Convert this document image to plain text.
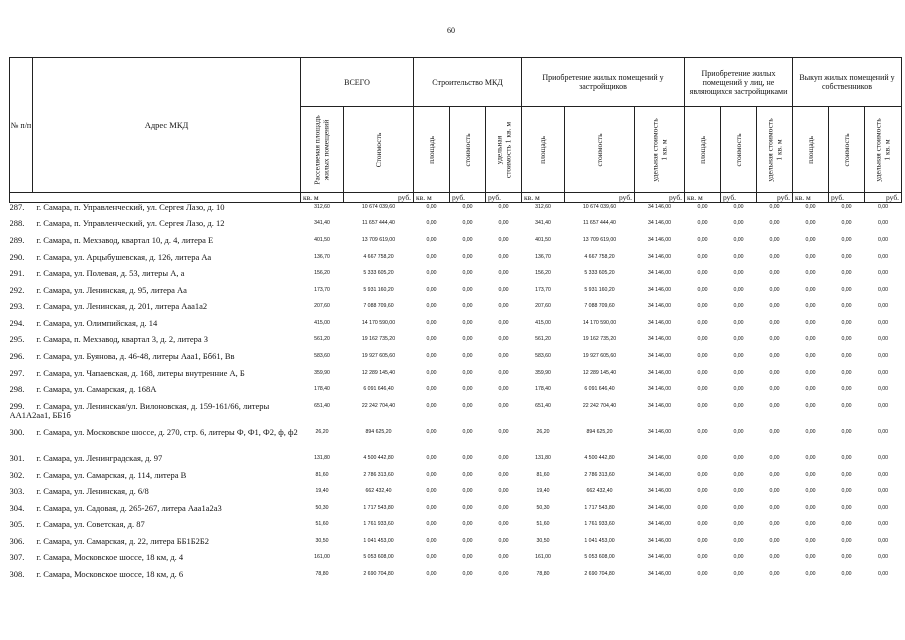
60
№ п/п	Адрес МКД	ВСЕГО		Строительство МКД			Приобретение жилых помещений у застройщиков			Приобретение жилых помещений у лиц, не являющихся застройщиками			Выкуп жилых помещений у собственников		

		Расселяемая площадь жилых помещений	Стоимость	площадь	стоимость	удельная стоимость 1 кв. м	площадь	стоимость	удельная стоимость 1 кв. м	площадь	стоимость	удельная стоимость 1 кв. м	площадь	стоимость	удельная стоимость 1 кв. м

		кв. м	руб.	кв. м	руб.	руб.	кв. м	руб.	руб.	кв. м	руб.	руб.	кв. м	руб.	руб.
287. г. Самара, п. Управленческий, ул. Сергея Лазо, д. 10		312,60	10 674 039,60	0,00	0,00	0,00	312,60	10 674 039,60	34 146,00	0,00	0,00	0,00	0,00	0,00	0,00
288. г. Самара, п. Управленческий, ул. Сергея Лазо, д. 12		341,40	11 657 444,40	0,00	0,00	0,00	341,40	11 657 444,40	34 146,00	0,00	0,00	0,00	0,00	0,00	0,00
289. г. Самара, п. Мехзавод, квартал 10, д. 4, литера Е		401,50	13 709 619,00	0,00	0,00	0,00	401,50	13 709 619,00	34 146,00	0,00	0,00	0,00	0,00	0,00	0,00
290. г. Самара, ул. Арцыбушевская, д. 126, литера Аа		136,70	4 667 758,20	0,00	0,00	0,00	136,70	4 667 758,20	34 146,00	0,00	0,00	0,00	0,00	0,00	0,00
291. г. Самара, ул. Полевая, д. 53, литеры А, а		156,20	5 333 605,20	0,00	0,00	0,00	156,20	5 333 605,20	34 146,00	0,00	0,00	0,00	0,00	0,00	0,00
292. г. Самара, ул. Ленинская, д. 95, литера Аа		173,70	5 931 160,20	0,00	0,00	0,00	173,70	5 931 160,20	34 146,00	0,00	0,00	0,00	0,00	0,00	0,00
293. г. Самара, ул. Ленинская, д. 201, литера Ааа1а2		207,60	7 088 709,60	0,00	0,00	0,00	207,60	7 088 709,60	34 146,00	0,00	0,00	0,00	0,00	0,00	0,00
294. г. Самара, ул. Олимпийская, д. 14		415,00	14 170 590,00	0,00	0,00	0,00	415,00	14 170 590,00	34 146,00	0,00	0,00	0,00	0,00	0,00	0,00
295. г. Самара, п. Мехзавод, квартал 3, д. 2, литера З		561,20	19 162 735,20	0,00	0,00	0,00	561,20	19 162 735,20	34 146,00	0,00	0,00	0,00	0,00	0,00	0,00
296. г. Самара, ул. Буянова, д. 46-48, литеры Ааа1, Бб61, Вв		583,60	19 927 605,60	0,00	0,00	0,00	583,60	19 927 605,60	34 146,00	0,00	0,00	0,00	0,00	0,00	0,00
297. г. Самара, ул. Чапаевская, д. 168, литеры внутренние А, Б		359,90	12 289 145,40	0,00	0,00	0,00	359,90	12 289 145,40	34 146,00	0,00	0,00	0,00	0,00	0,00	0,00
298. г. Самара, ул. Самарская, д. 168А		178,40	6 091 646,40	0,00	0,00	0,00	178,40	6 091 646,40	34 146,00	0,00	0,00	0,00	0,00	0,00	0,00
299. г. Самара, ул. Ленинская/ул. Вилоновская, д. 159-161/66, литеры АА1А2аа1, ББ1б		651,40	22 242 704,40	0,00	0,00	0,00	651,40	22 242 704,40	34 146,00	0,00	0,00	0,00	0,00	0,00	0,00
300. г. Самара, ул. Московское шоссе, д. 270, стр. 6, литеры Ф, Ф1, Ф2, ф, ф2		26,20	894 625,20	0,00	0,00	0,00	26,20	894 625,20	34 146,00	0,00	0,00	0,00	0,00	0,00	0,00
301. г. Самара, ул. Ленинградская, д. 97		131,80	4 500 442,80	0,00	0,00	0,00	131,80	4 500 442,80	34 146,00	0,00	0,00	0,00	0,00	0,00	0,00
302. г. Самара, ул. Самарская, д. 114, литера В		81,60	2 786 313,60	0,00	0,00	0,00	81,60	2 786 313,60	34 146,00	0,00	0,00	0,00	0,00	0,00	0,00
303. г. Самара, ул. Ленинская, д. 6/8		19,40	662 432,40	0,00	0,00	0,00	19,40	662 432,40	34 146,00	0,00	0,00	0,00	0,00	0,00	0,00
304. г. Самара, ул. Садовая, д. 265-267, литера Ааа1а2а3		50,30	1 717 543,80	0,00	0,00	0,00	50,30	1 717 543,80	34 146,00	0,00	0,00	0,00	0,00	0,00	0,00
305. г. Самара, ул. Советская, д. 87		51,60	1 761 933,60	0,00	0,00	0,00	51,60	1 761 933,60	34 146,00	0,00	0,00	0,00	0,00	0,00	0,00
306. г. Самара, ул. Самарская, д. 22, литера ББ1Б2Б2		30,50	1 041 453,00	0,00	0,00	0,00	30,50	1 041 453,00	34 146,00	0,00	0,00	0,00	0,00	0,00	0,00
307. г. Самара, Московское шоссе, 18 км, д. 4		161,00	5 053 608,00	0,00	0,00	0,00	161,00	5 053 608,00	34 146,00	0,00	0,00	0,00	0,00	0,00	0,00
308. г. Самара, Московское шоссе, 18 км, д. 6		78,80	2 690 704,80	0,00	0,00	0,00	78,80	2 690 704,80	34 146,00	0,00	0,00	0,00	0,00	0,00	0,00
